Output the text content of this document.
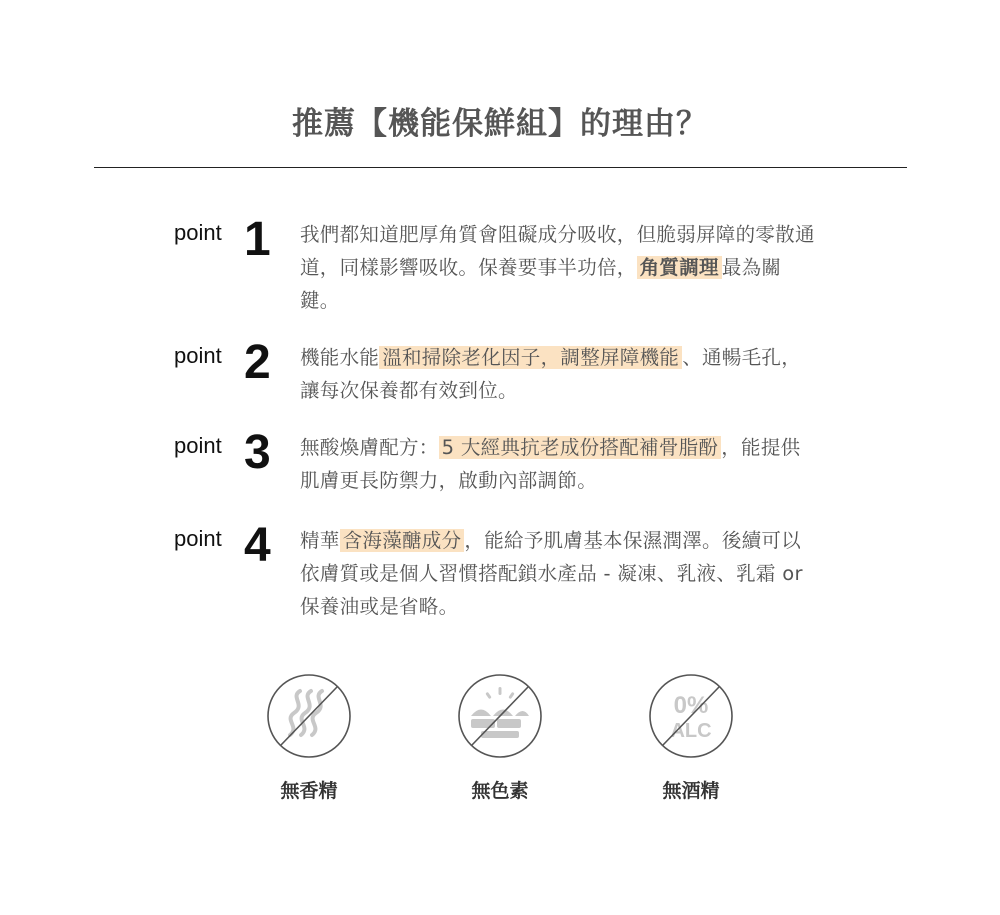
推薦【機能保鮮組】的理由？
point 1 我們都知道肥厚角質會阻礙成分吸收，但脆弱屏障的零散通道，同樣影響吸收。保養要事半功倍， 角質調理 最為關鍵。
point 2 機能水能 溫和掃除老化因子，調整屏障機能 、通暢毛孔，讓每次保養都有效到位。
point 3 無酸煥膚配方： 5 大經典抗老成份搭配補骨脂酚 ，能提供肌膚更長防禦力，啟動內部調節。
point 4 精華 含海藻醣成分 ，能給予肌膚基本保濕潤澤。後續可以依膚質或是個人習慣搭配鎖水產品 - 凝凍、乳液、乳霜 or 保養油或是省略。
無香精	無色素
0%
ALC
無酒精
